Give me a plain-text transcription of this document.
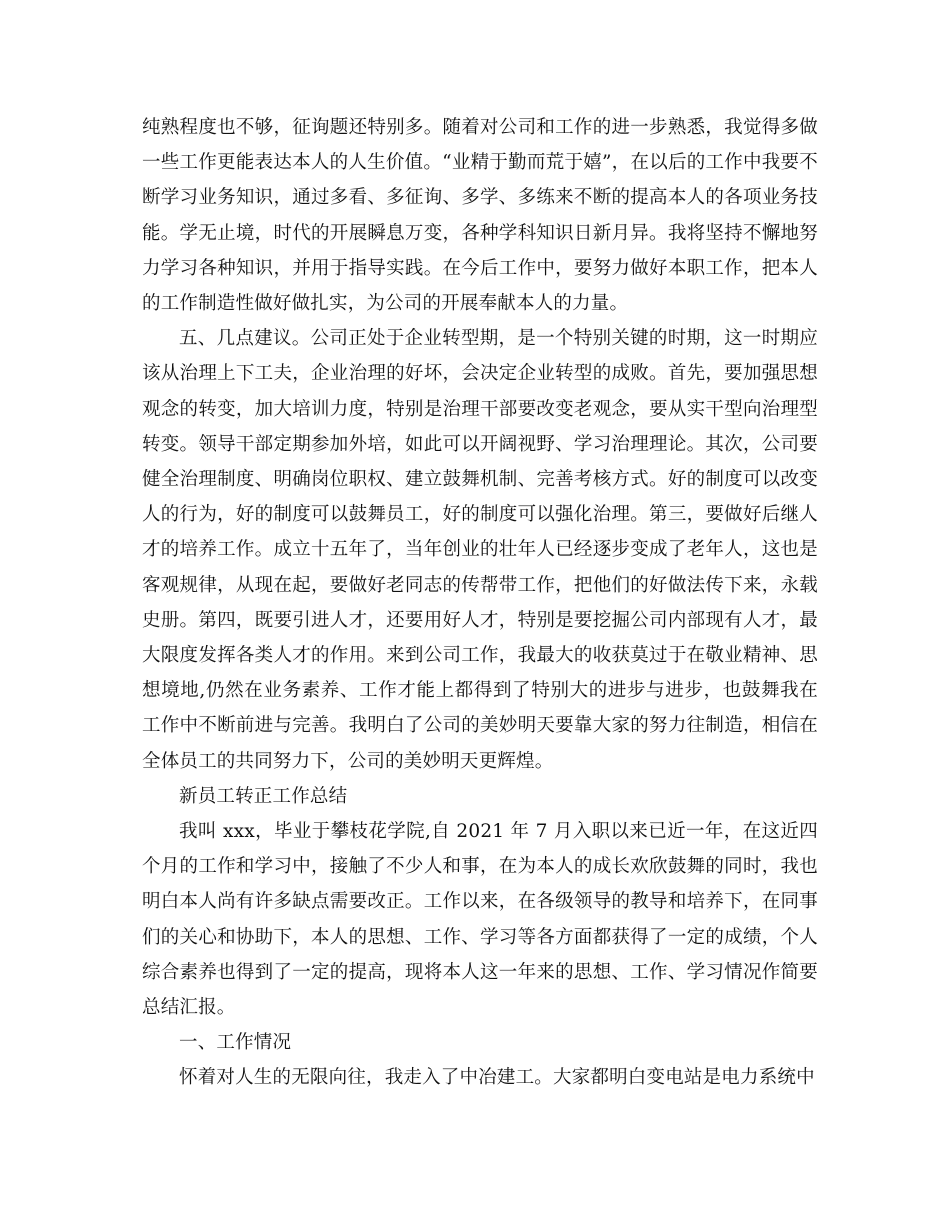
纯熟程度也不够，征询题还特别多。随着对公司和工作的进一步熟悉，我觉得多做一些工作更能表达本人的人生价值。“业精于勤而荒于嬉”，在以后的工作中我要不断学习业务知识，通过多看、多征询、多学、多练来不断的提高本人的各项业务技能。学无止境，时代的开展瞬息万变，各种学科知识日新月异。我将坚持不懈地努力学习各种知识，并用于指导实践。在今后工作中，要努力做好本职工作，把本人的工作制造性做好做扎实，为公司的开展奉献本人的力量。

五、几点建议。公司正处于企业转型期，是一个特别关键的时期，这一时期应该从治理上下工夫，企业治理的好坏，会决定企业转型的成败。首先，要加强思想观念的转变，加大培训力度，特别是治理干部要改变老观念，要从实干型向治理型转变。领导干部定期参加外培，如此可以开阔视野、学习治理理论。其次，公司要健全治理制度、明确岗位职权、建立鼓舞机制、完善考核方式。好的制度可以改变人的行为，好的制度可以鼓舞员工，好的制度可以强化治理。第三，要做好后继人才的培养工作。成立十五年了，当年创业的壮年人已经逐步变成了老年人，这也是客观规律，从现在起，要做好老同志的传帮带工作，把他们的好做法传下来，永载史册。第四，既要引进人才，还要用好人才，特别是要挖掘公司内部现有人才，最大限度发挥各类人才的作用。来到公司工作，我最大的收获莫过于在敬业精神、思想境地,仍然在业务素养、工作才能上都得到了特别大的进步与进步，也鼓舞我在工作中不断前进与完善。我明白了公司的美妙明天要靠大家的努力往制造，相信在全体员工的共同努力下，公司的美妙明天更辉煌。

新员工转正工作总结

我叫 xxx，毕业于攀枝花学院,自 2021 年 7 月入职以来已近一年，在这近四个月的工作和学习中，接触了不少人和事，在为本人的成长欢欣鼓舞的同时，我也明白本人尚有许多缺点需要改正。工作以来，在各级领导的教导和培养下，在同事们的关心和协助下，本人的思想、工作、学习等各方面都获得了一定的成绩，个人综合素养也得到了一定的提高，现将本人这一年来的思想、工作、学习情况作简要总结汇报。

一、工作情况

怀着对人生的无限向往，我走入了中冶建工。大家都明白变电站是电力系统中
